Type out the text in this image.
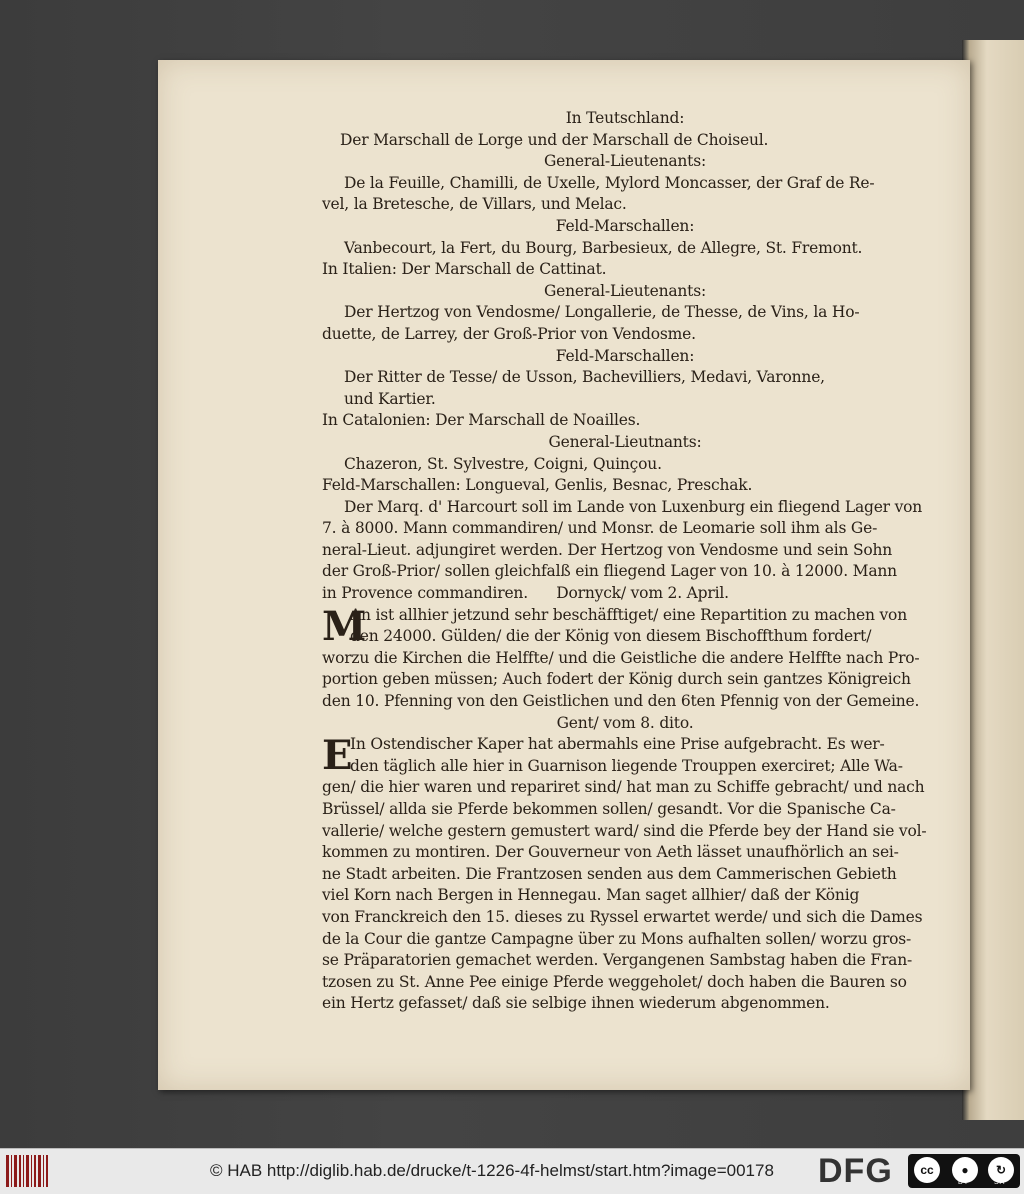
In Teutschland:
Der Marschall de Lorge und der Marschall de Choiseul.
General-Lieutenants:
De la Feuille, Chamilli, de Uxelle, Mylord Moncasser, der Graf de Re-
vel, la Bretesche, de Villars, und Melac.
Feld-Marschallen:
Vanbecourt, la Fert, du Bourg, Barbesieux, de Allegre, St. Fremont.
In Italien: Der Marschall de Cattinat.
General-Lieutenants:
Der Hertzog von Vendosme/ Longallerie, de Thesse, de Vins, la Ho-
duette, de Larrey, der Groß-Prior von Vendosme.
Feld-Marschallen:
Der Ritter de Tesse/ de Usson, Bachevilliers, Medavi, Varonne,
und Kartier.
In Catalonien: Der Marschall de Noailles.
General-Lieutnants:
Chazeron, St. Sylvestre, Coigni, Quinçou.
Feld-Marschallen: Longueval, Genlis, Besnac, Preschak.
Der Marq. d' Harcourt soll im Lande von Luxenburg ein fliegend Lager von
7. à 8000. Mann commandiren/ und Monsr. de Leomarie soll ihm als Ge-
neral-Lieut. adjungiret werden. Der Hertzog von Vendosme und sein Sohn
der Groß-Prior/ sollen gleichfalß ein fliegend Lager von 10. à 12000. Mann
in Provence commandiren.      Dornyck/ vom 2. April.
M
An ist allhier jetzund sehr beschäfftiget/ eine Repartition zu machen von
den 24000. Gülden/ die der König von diesem Bischoffthum fordert/
worzu die Kirchen die Helffte/ und die Geistliche die andere Helffte nach Pro-
portion geben müssen; Auch fodert der König durch sein gantzes Königreich
den 10. Pfenning von den Geistlichen und den 6ten Pfennig von der Gemeine.
Gent/ vom 8. dito.
E
In Ostendischer Kaper hat abermahls eine Prise aufgebracht. Es wer-
den täglich alle hier in Guarnison liegende Trouppen exerciret; Alle Wa-
gen/ die hier waren und repariret sind/ hat man zu Schiffe gebracht/ und nach
Brüssel/ allda sie Pferde bekommen sollen/ gesandt. Vor die Spanische Ca-
vallerie/ welche gestern gemustert ward/ sind die Pferde bey der Hand sie vol-
kommen zu montiren. Der Gouverneur von Aeth lässet unaufhörlich an sei-
ne Stadt arbeiten. Die Frantzosen senden aus dem Cammerischen Gebieth
viel Korn nach Bergen in Hennegau. Man saget allhier/ daß der König
von Franckreich den 15. dieses zu Ryssel erwartet werde/ und sich die Dames
de la Cour die gantze Campagne über zu Mons aufhalten sollen/ worzu gros-
se Präparatorien gemachet werden. Vergangenen Sambstag haben die Fran-
tzosen zu St. Anne Pee einige Pferde weggeholet/ doch haben die Bauren so
ein Hertz gefasset/ daß sie selbige ihnen wiederum abgenommen.
© HAB http://diglib.hab.de/drucke/t-1226-4f-helmst/start.htm?image=00178 DFG	cc	●	↻
BY	SA
